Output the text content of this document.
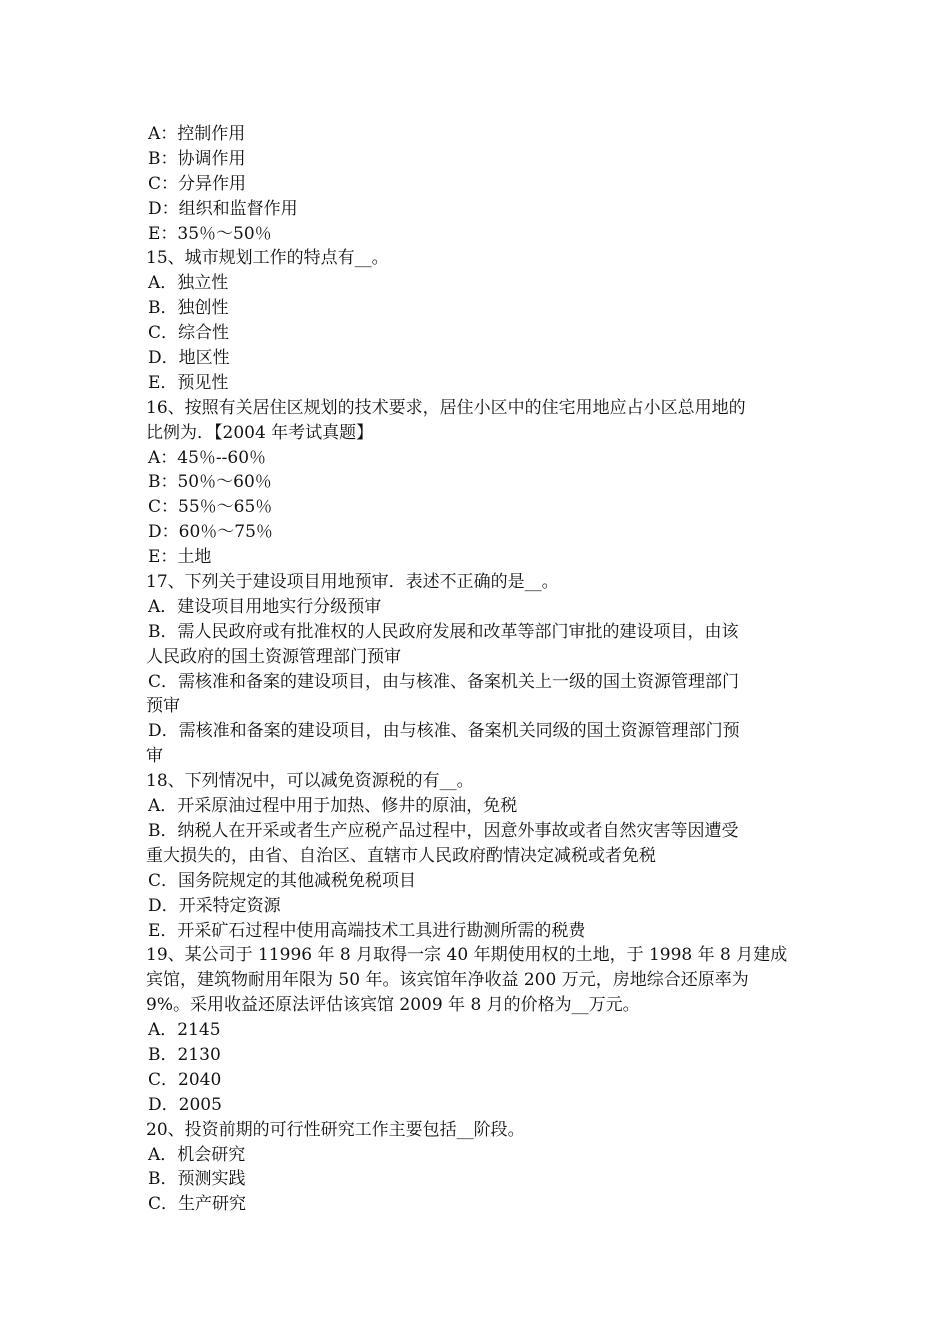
A：控制作用
B：协调作用
C：分异作用
D：组织和监督作用
E：35％～50％
15、城市规划工作的特点有__。
A．独立性
B．独创性
C．综合性
D．地区性
E．预见性
16、按照有关居住区规划的技术要求，居住小区中的住宅用地应占小区总用地的
比例为．【2004 年考试真题】
A：45％--60％
B：50％～60％
C：55％～65％
D：60％～75％
E：土地
17、下列关于建设项目用地预审．表述不正确的是__。
A．建设项目用地实行分级预审
B．需人民政府或有批准权的人民政府发展和改革等部门审批的建设项目，由该
人民政府的国土资源管理部门预审
C．需核准和备案的建设项目，由与核准、备案机关上一级的国土资源管理部门
预审
D．需核准和备案的建设项目，由与核准、备案机关同级的国土资源管理部门预
审
18、下列情况中，可以减免资源税的有__。
A．开采原油过程中用于加热、修井的原油，免税
B．纳税人在开采或者生产应税产品过程中，因意外事故或者自然灾害等因遭受
重大损失的，由省、自治区、直辖市人民政府酌情决定减税或者免税
C．国务院规定的其他减税免税项目
D．开采特定资源
E．开采矿石过程中使用高端技术工具进行勘测所需的税费
19、某公司于 11996 年 8 月取得一宗 40 年期使用权的土地，于 1998 年 8 月建成
宾馆，建筑物耐用年限为 50 年。该宾馆年净收益 200 万元，房地综合还原率为
9%。采用收益还原法评估该宾馆 2009 年 8 月的价格为__万元。
A．2145
B．2130
C．2040
D．2005
20、投资前期的可行性研究工作主要包括__阶段。
A．机会研究
B．预测实践
C．生产研究
